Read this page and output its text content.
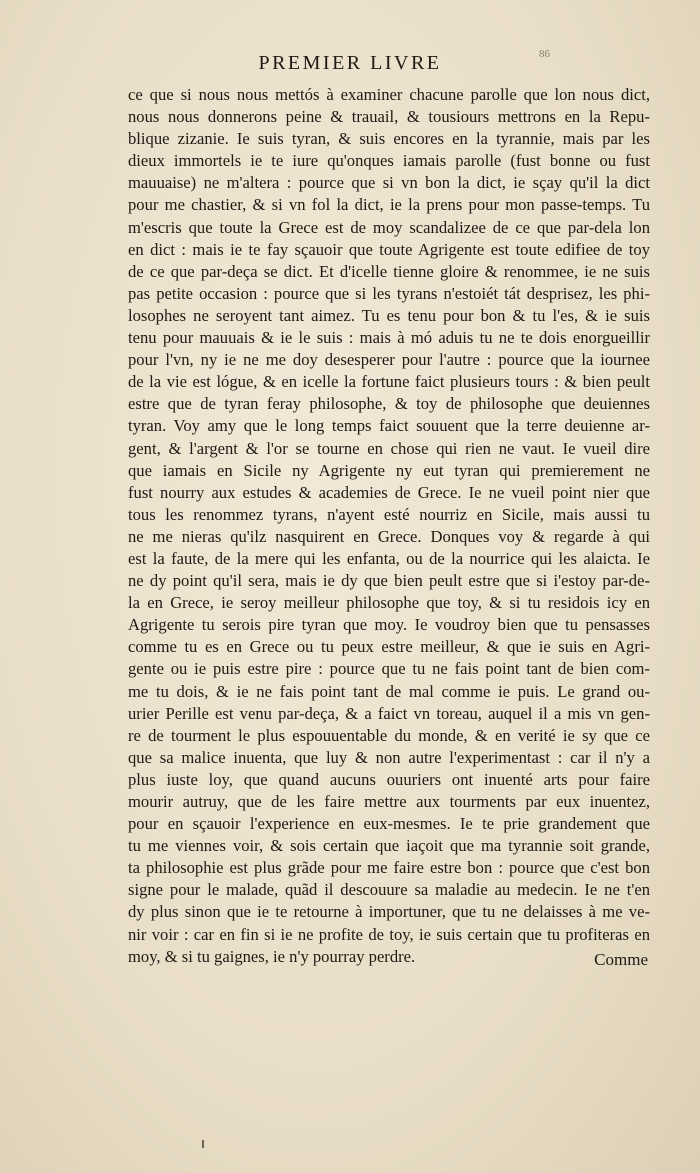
86
PREMIER LIVRE
ce que si nous nous mettós à examiner chacune parolle que lon nous dict,
nous nous donnerons peine & trauail, & tousiours mettrons en la Repu-
blique zizanie. Ie suis tyran, & suis encores en la tyrannie, mais par les
dieux immortels ie te iure qu'onques iamais parolle (fust bonne ou fust
mauuaise) ne m'altera : pource que si vn bon la dict, ie sçay qu'il la dict
pour me chastier, & si vn fol la dict, ie la prens pour mon passe-temps. Tu
m'escris que toute la Grece est de moy scandalizee de ce que par-dela lon
en dict : mais ie te fay sçauoir que toute Agrigente est toute edifiee de toy
de ce que par-deça se dict. Et d'icelle tienne gloire & renommee, ie ne suis
pas petite occasion : pource que si les tyrans n'estoiét tát desprisez, les phi-
losophes ne seroyent tant aimez. Tu es tenu pour bon & tu l'es, & ie suis
tenu pour mauuais & ie le suis : mais à mó aduis tu ne te dois enorgueillir
pour l'vn, ny ie ne me doy desesperer pour l'autre : pource que la iournee
de la vie est lógue, & en icelle la fortune faict plusieurs tours : & bien peult
estre que de tyran feray philosophe, & toy de philosophe que deuiennes
tyran. Voy amy que le long temps faict souuent que la terre deuienne ar-
gent, & l'argent & l'or se tourne en chose qui rien ne vaut. Ie vueil dire
que iamais en Sicile ny Agrigente ny eut tyran qui premierement ne
fust nourry aux estudes & academies de Grece. Ie ne vueil point nier que
tous les renommez tyrans, n'ayent esté nourriz en Sicile, mais aussi tu
ne me nieras qu'ilz nasquirent en Grece. Donques voy & regarde à qui
est la faute, de la mere qui les enfanta, ou de la nourrice qui les alaicta. Ie
ne dy point qu'il sera, mais ie dy que bien peult estre que si i'estoy par-de-
la en Grece, ie seroy meilleur philosophe que toy, & si tu residois icy en
Agrigente tu serois pire tyran que moy. Ie voudroy bien que tu pensasses
comme tu es en Grece ou tu peux estre meilleur, & que ie suis en Agri-
gente ou ie puis estre pire : pource que tu ne fais point tant de bien com-
me tu dois, & ie ne fais point tant de mal comme ie puis. Le grand ou-
urier Perille est venu par-deça, & a faict vn toreau, auquel il a mis vn gen-
re de tourment le plus espouuentable du monde, & en verité ie sy que ce
que sa malice inuenta, que luy & non autre l'experimentast : car il n'y a
plus iuste loy, que quand aucuns ouuriers ont inuenté arts pour faire
mourir autruy, que de les faire mettre aux tourments par eux inuentez,
pour en sçauoir l'experience en eux-mesmes. Ie te prie grandement que
tu me viennes voir, & sois certain que iaçoit que ma tyrannie soit grande,
ta philosophie est plus grãde pour me faire estre bon : pource que c'est bon
signe pour le malade, quãd il descouure sa maladie au medecin. Ie ne t'en
dy plus sinon que ie te retourne à importuner, que tu ne delaisses à me ve-
nir voir : car en fin si ie ne profite de toy, ie suis certain que tu profiteras en
moy, & si tu gaignes, ie n'y pourray perdre.	Comme
